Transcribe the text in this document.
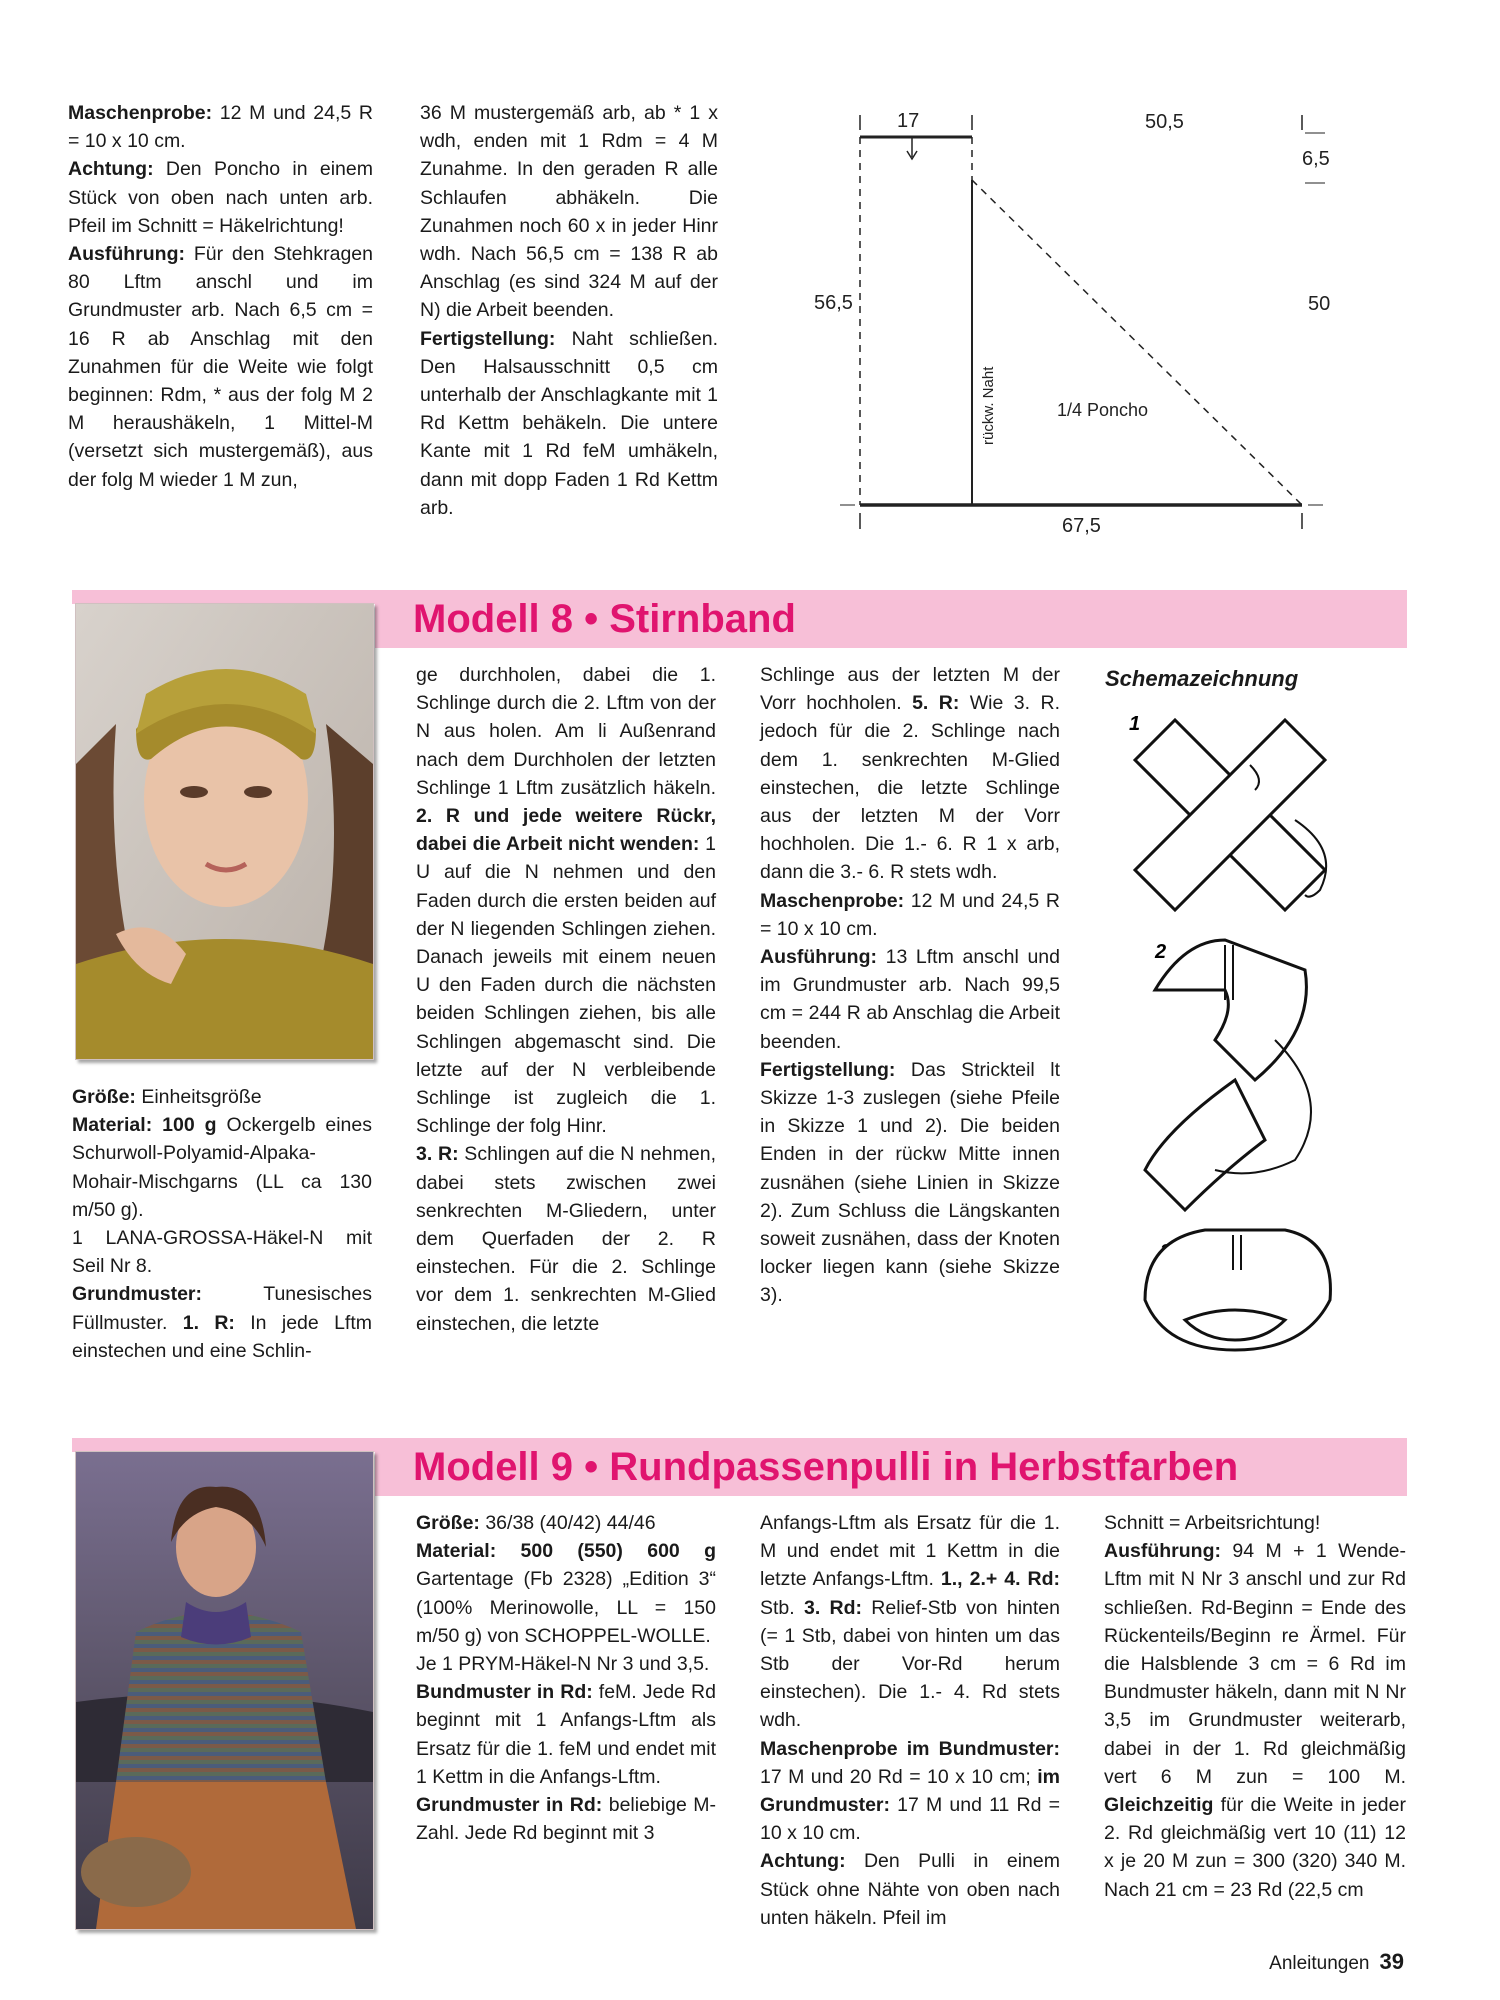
Maschenprobe: 12 M und 24,5 R = 10 x 10 cm.

Achtung: Den Poncho in einem Stück von oben nach unten arb. Pfeil im Schnitt = Häkelrichtung!

Ausführung: Für den Stehkragen 80 Lftm anschl und im Grundmuster arb. Nach 6,5 cm = 16 R ab Anschlag mit den Zunahmen für die Weite wie folgt beginnen: Rdm, * aus der folg M 2 M heraushäkeln, 1 Mittel-M (versetzt sich mustergemäß), aus der folg M wieder 1 M zun,

36 M mustergemäß arb, ab * 1 x wdh, enden mit 1 Rdm = 4 M Zunahme. In den geraden R alle Schlaufen abhäkeln. Die Zunahmen noch 60 x in jeder Hinr wdh. Nach 56,5 cm = 138 R ab Anschlag (es sind 324 M auf der N) die Arbeit beenden.

Fertigstellung: Naht schließen. Den Halsausschnitt 0,5 cm unterhalb der Anschlagkante mit 1 Rd Kettm behäkeln. Die untere Kante mit 1 Rd feM umhäkeln, dann mit dopp Faden 1 Rd Kettm arb.

17	50,5
6,5
56,5	50
67,5
rückw. Naht	1/4 Poncho
Modell 8 • Stirnband

Größe: Einheitsgröße

Material: 100 g Ockergelb eines Schurwoll-Polyamid-Alpaka-Mohair-Mischgarns (LL ca 130 m/50 g).

1 LANA-GROSSA-Häkel-N mit Seil Nr 8.

Grundmuster: Tunesisches Füllmuster. 1. R: In jede Lftm einstechen und eine Schlin-

ge durchholen, dabei die 1. Schlinge durch die 2. Lftm von der N aus holen. Am li Außenrand nach dem Durchholen der letzten Schlinge 1 Lftm zusätzlich häkeln. 2. R und jede weitere Rückr, dabei die Arbeit nicht wenden: 1 U auf die N nehmen und den Faden durch die ersten beiden auf der N liegenden Schlingen ziehen. Danach jeweils mit einem neuen U den Faden durch die nächsten beiden Schlingen ziehen, bis alle Schlingen abgemascht sind. Die letzte auf der N verbleibende Schlinge ist zugleich die 1. Schlinge der folg Hinr.

3. R: Schlingen auf die N nehmen, dabei stets zwischen zwei senkrechten M-Gliedern, unter dem Querfaden der 2. R einstechen. Für die 2. Schlinge vor dem 1. senkrechten M-Glied einstechen, die letzte

Schlinge aus der letzten M der Vorr hochholen. 5. R: Wie 3. R. jedoch für die 2. Schlinge nach dem 1. senkrechten M-Glied einstechen, die letzte Schlinge aus der letzten M der Vorr hochholen. Die 1.- 6. R 1 x arb, dann die 3.- 6. R stets wdh.

Maschenprobe: 12 M und 24,5 R = 10 x 10 cm.

Ausführung: 13 Lftm anschl und im Grundmuster arb. Nach 99,5 cm = 244 R ab Anschlag die Arbeit beenden.

Fertigstellung: Das Strickteil lt Skizze 1-3 zuslegen (siehe Pfeile in Skizze 1 und 2). Die beiden Enden in der rückw Mitte innen zusnähen (siehe Linien in Skizze 2). Zum Schluss die Längskanten soweit zusnähen, dass der Knoten locker liegen kann (siehe Skizze 3).

Schemazeichnung
1
2
Modell 9 • Rundpassenpulli in Herbstfarben

Größe: 36/38 (40/42) 44/46

Material: 500 (550) 600 g Gartentage (Fb 2328) „Edition 3“ (100% Merinowolle, LL = 150 m/50 g) von SCHOPPEL-WOLLE.

Je 1 PRYM-Häkel-N Nr 3 und 3,5.

Bundmuster in Rd: feM. Jede Rd beginnt mit 1 Anfangs-Lftm als Ersatz für die 1. feM und endet mit 1 Kettm in die Anfangs-Lftm.

Grundmuster in Rd: beliebige M-Zahl. Jede Rd beginnt mit 3

Anfangs-Lftm als Ersatz für die 1. M und endet mit 1 Kettm in die letzte Anfangs-Lftm. 1., 2.+ 4. Rd: Stb. 3. Rd: Relief-Stb von hinten (= 1 Stb, dabei von hinten um das Stb der Vor-Rd herum einstechen). Die 1.- 4. Rd stets wdh.

Maschenprobe im Bundmuster: 17 M und 20 Rd = 10 x 10 cm; im Grundmuster: 17 M und 11 Rd = 10 x 10 cm.

Achtung: Den Pulli in einem Stück ohne Nähte von oben nach unten häkeln. Pfeil im

Schnitt = Arbeitsrichtung!

Ausführung: 94 M + 1 Wende-Lftm mit N Nr 3 anschl und zur Rd schließen. Rd-Beginn = Ende des Rückenteils/Beginn re Ärmel. Für die Halsblende 3 cm = 6 Rd im Bundmuster häkeln, dann mit N Nr 3,5 im Grundmuster weiterarb, dabei in der 1. Rd gleichmäßig vert 6 M zun = 100 M. Gleichzeitig für die Weite in jeder 2. Rd gleichmäßig vert 10 (11) 12 x je 20 M zun = 300 (320) 340 M. Nach 21 cm = 23 Rd (22,5 cm

Anleitungen 39
